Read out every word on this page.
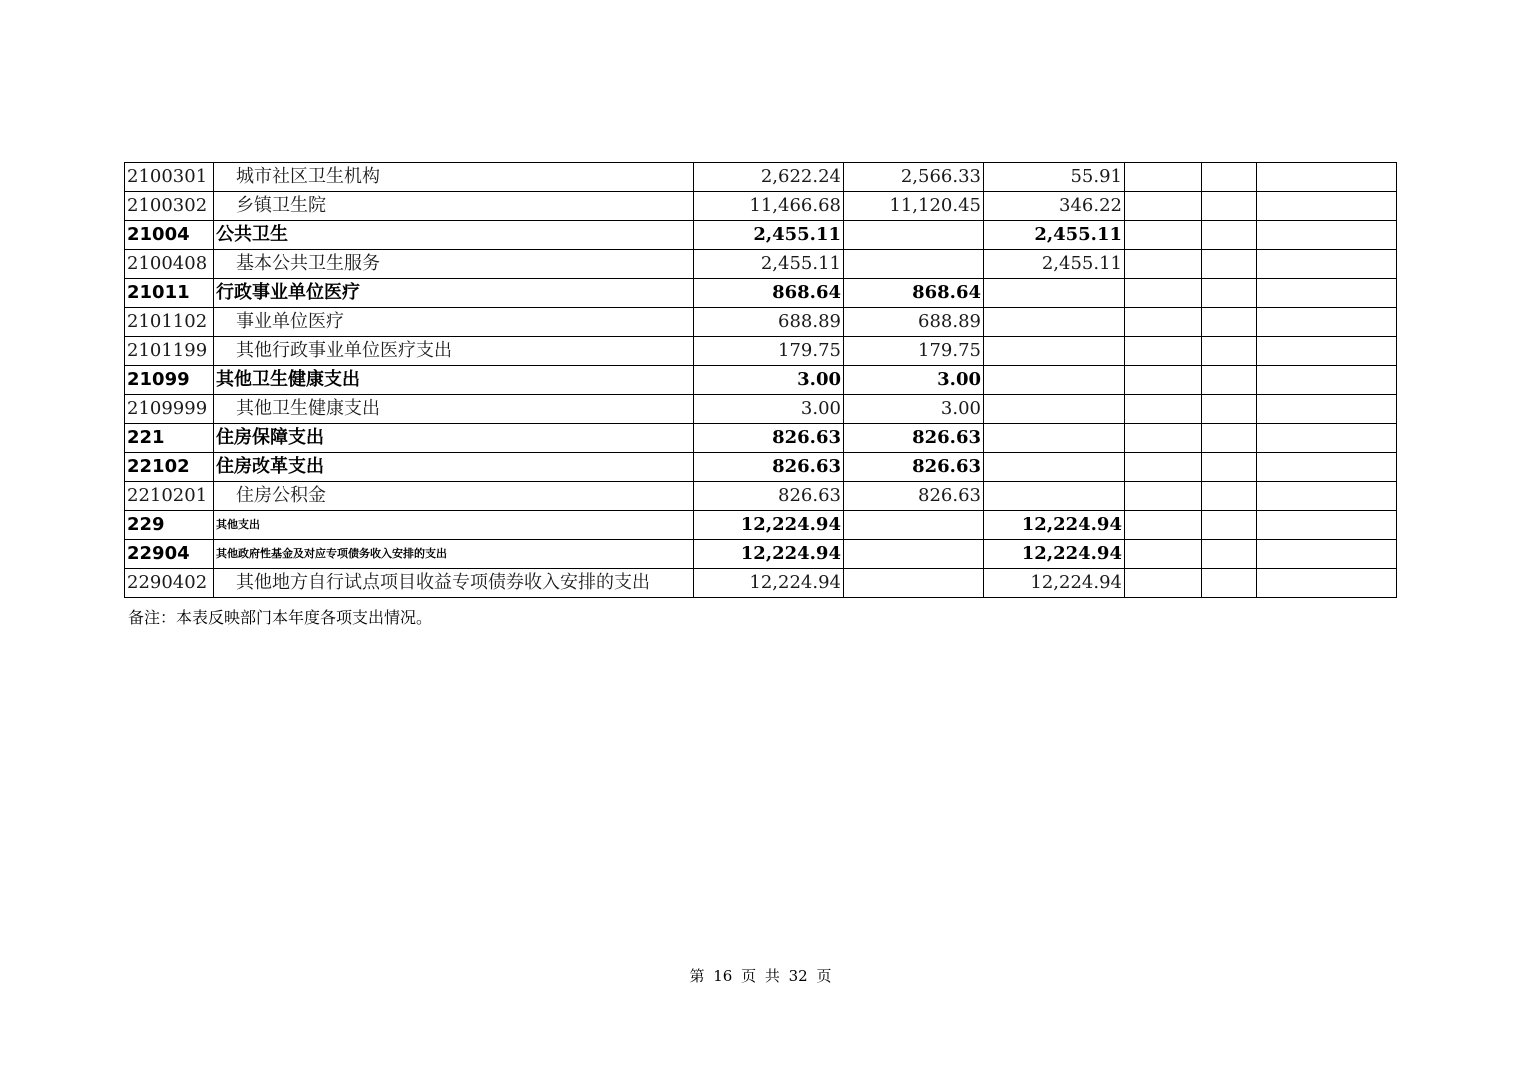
2100301	城市社区卫生机构	2,622.24	2,566.33	55.91			
2100302	乡镇卫生院	11,466.68	11,120.45	346.22			
21004	公共卫生	2,455.11		2,455.11			
2100408	基本公共卫生服务	2,455.11		2,455.11			
21011	行政事业单位医疗	868.64	868.64				
2101102	事业单位医疗	688.89	688.89				
2101199	其他行政事业单位医疗支出	179.75	179.75				
21099	其他卫生健康支出	3.00	3.00				
2109999	其他卫生健康支出	3.00	3.00				
221	住房保障支出	826.63	826.63				
22102	住房改革支出	826.63	826.63				
2210201	住房公积金	826.63	826.63				
229	其他支出	12,224.94		12,224.94			
22904	其他政府性基金及对应专项债务收入安排的支出	12,224.94		12,224.94			
2290402	其他地方自行试点项目收益专项债券收入安排的支出	12,224.94		12,224.94			
备注：本表反映部门本年度各项支出情况。
第 16 页 共 32 页
